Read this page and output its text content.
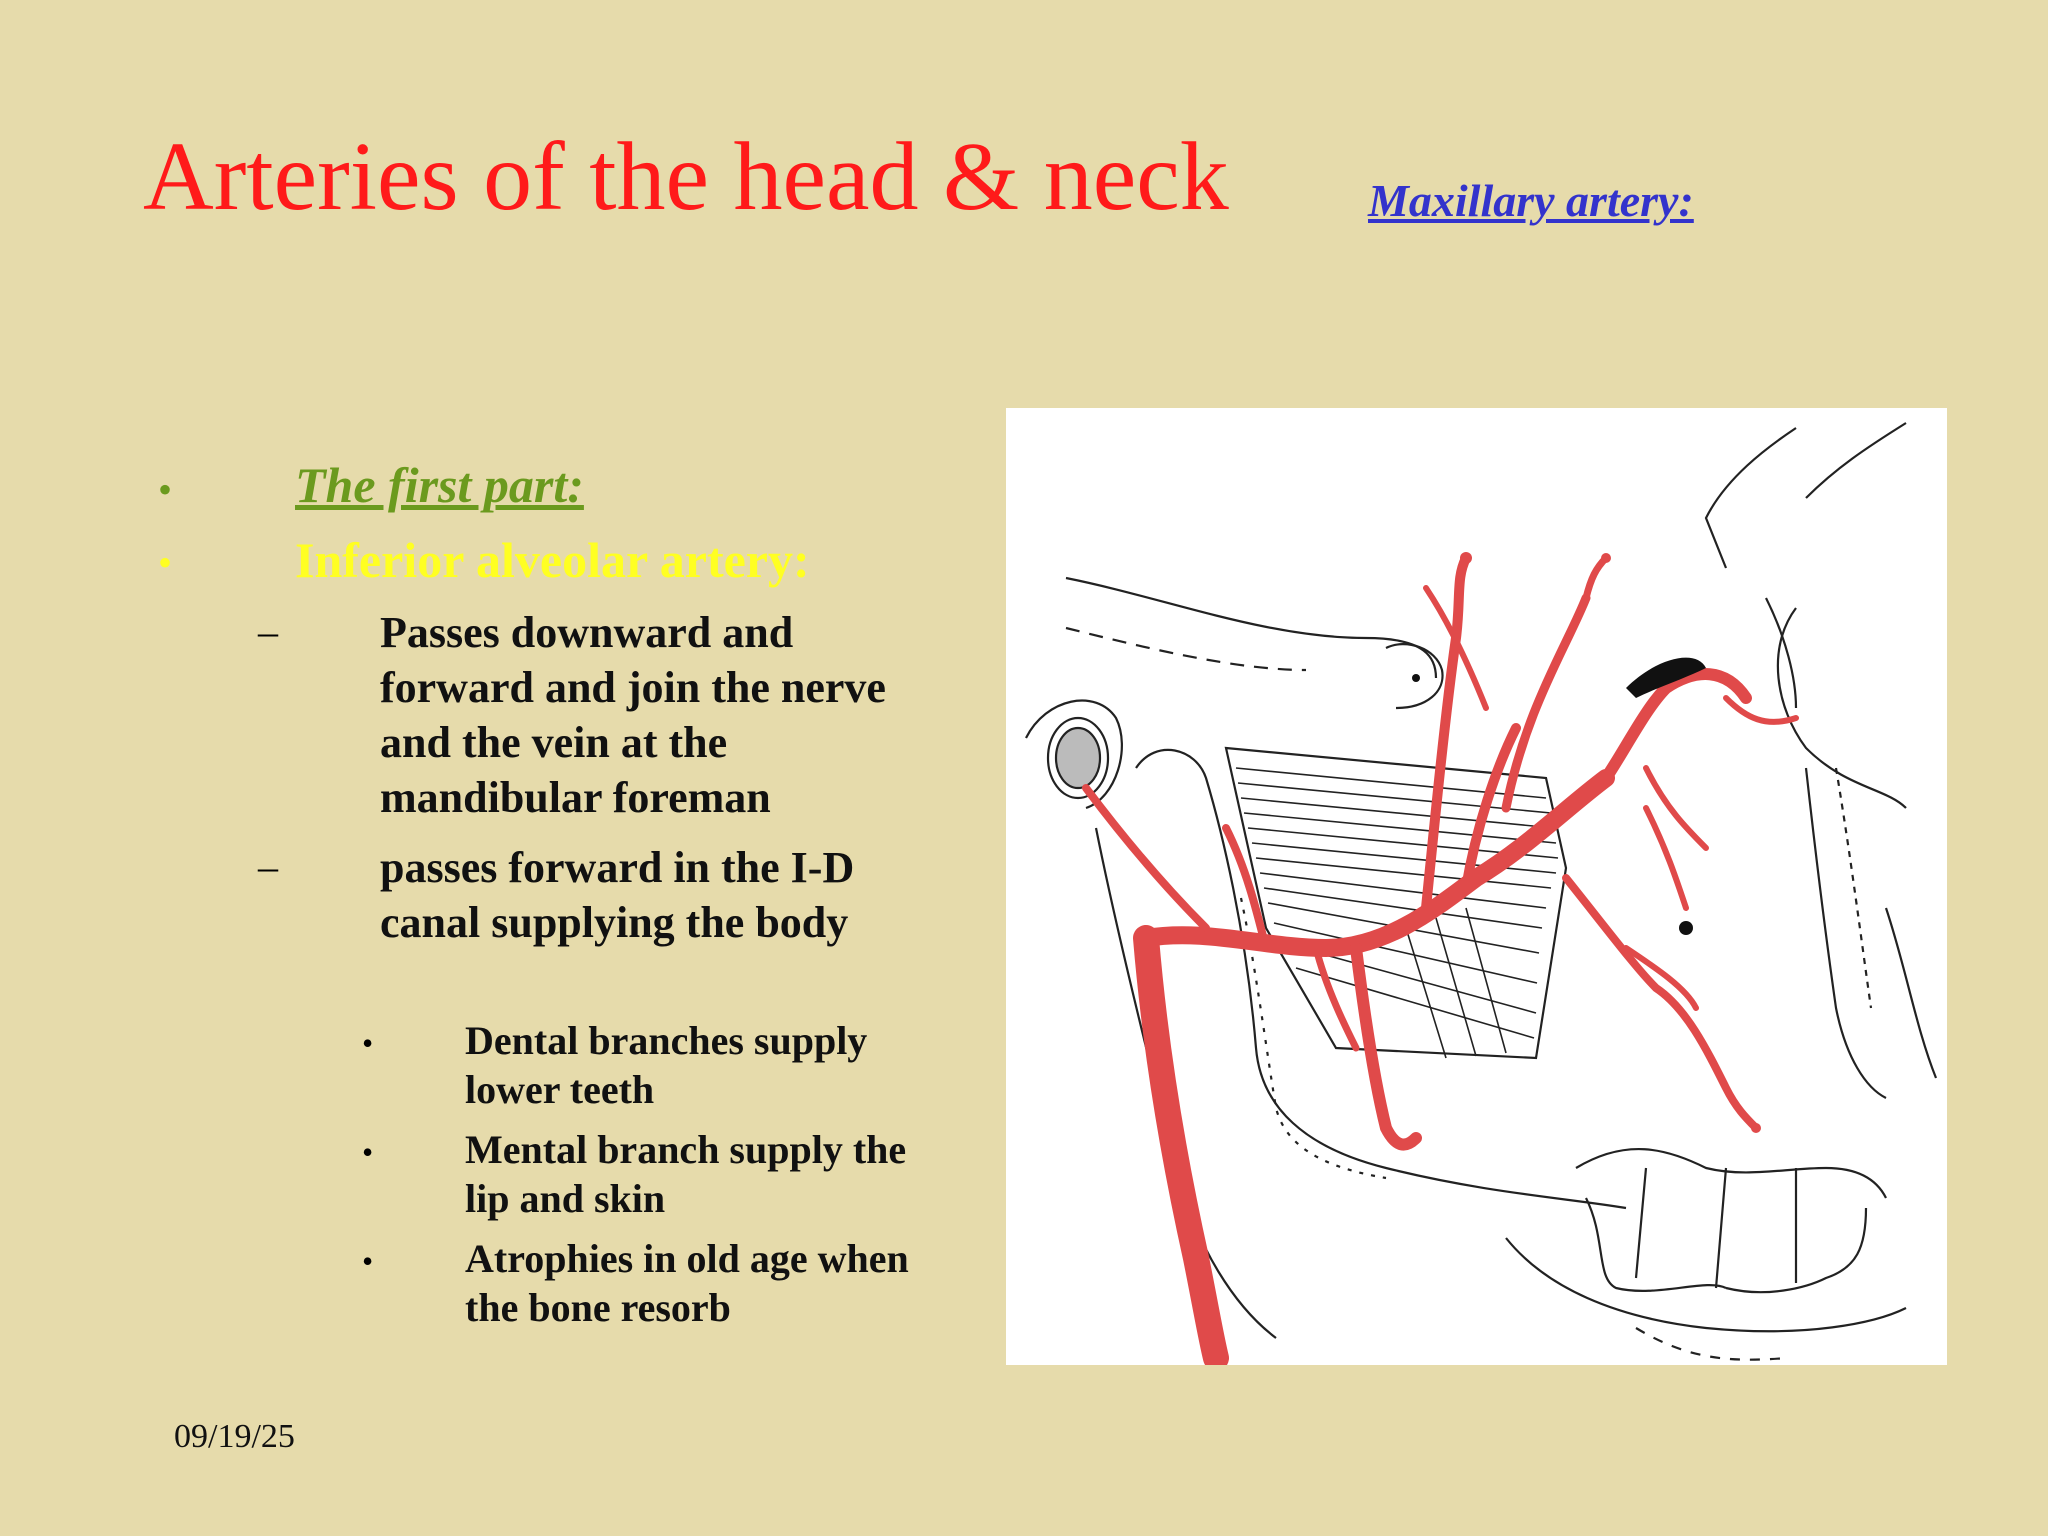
Arteries of the head & neck	Maxillary artery:
• The first part:
• Inferior alveolar artery:
– Passes downward and forward and join the nerve and the vein at the mandibular foreman
– passes forward in the I-D canal supplying the body
• Dental branches supply lower teeth
• Mental branch supply the lip and skin
• Atrophies in old age when the bone resorb
09/19/25
